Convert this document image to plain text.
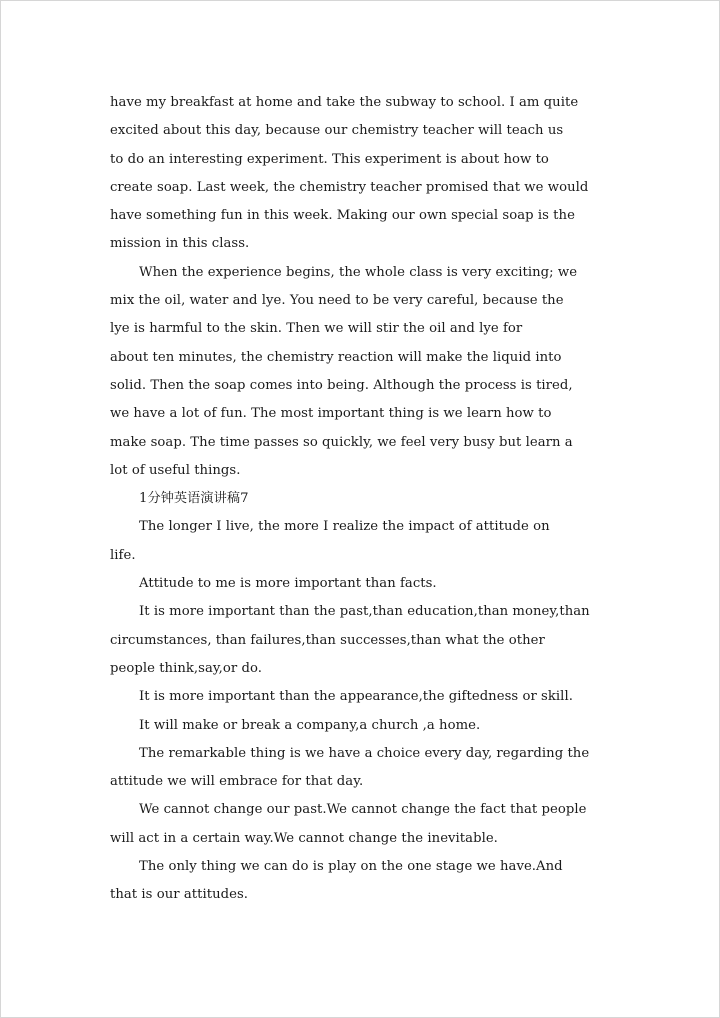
have my breakfast at home and take the subway to school. I am quite
excited about this day, because our chemistry teacher will teach us
to do an interesting experiment. This experiment is about how to
create soap. Last week, the chemistry teacher promised that we would
have something fun in this week. Making our own special soap is the
mission in this class.
When the experience begins, the whole class is very exciting; we
mix the oil, water and lye. You need to be very careful, because the
lye is harmful to the skin. Then we will stir the oil and lye for
about ten minutes, the chemistry reaction will make the liquid into
solid. Then the soap comes into being. Although the process is tired,
we have a lot of fun. The most important thing is we learn how to
make soap. The time passes so quickly, we feel very busy but learn a
lot of useful things.
1分钟英语演讲稿7
The longer I live, the more I realize the impact of attitude on
life.
Attitude to me is more important than facts.
It is more important than the past,than education,than money,than
circumstances, than failures,than successes,than what the other
people think,say,or do.
It is more important than the appearance,the giftedness or skill.
It will make or break a company,a church ,a home.
The remarkable thing is we have a choice every day, regarding the
attitude we will embrace for that day.
We cannot change our past.We cannot change the fact that people
will act in a certain way.We cannot change the inevitable.
The only thing we can do is play on the one stage we have.And
that is our attitudes.
